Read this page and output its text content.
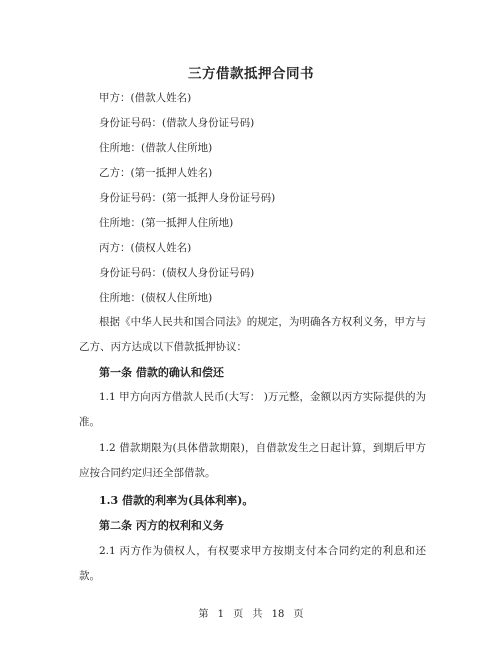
三方借款抵押合同书
甲方：(借款人姓名)
身份证号码：(借款人身份证号码)
住所地：(借款人住所地)
乙方：(第一抵押人姓名)
身份证号码：(第一抵押人身份证号码)
住所地：(第一抵押人住所地)
丙方：(债权人姓名)
身份证号码：(债权人身份证号码)
住所地：(债权人住所地)
根据《中华人民共和国合同法》的规定，为明确各方权利义务，甲方与乙方、丙方达成以下借款抵押协议：
第一条 借款的确认和偿还
1.1 甲方向丙方借款人民币(大写： )万元整，金额以丙方实际提供的为准。
1.2 借款期限为(具体借款期限)，自借款发生之日起计算，到期后甲方应按合同约定归还全部借款。
1.3 借款的利率为(具体利率)。
第二条 丙方的权利和义务
2.1 丙方作为债权人，有权要求甲方按期支付本合同约定的利息和还款。
第 1 页 共 18 页
